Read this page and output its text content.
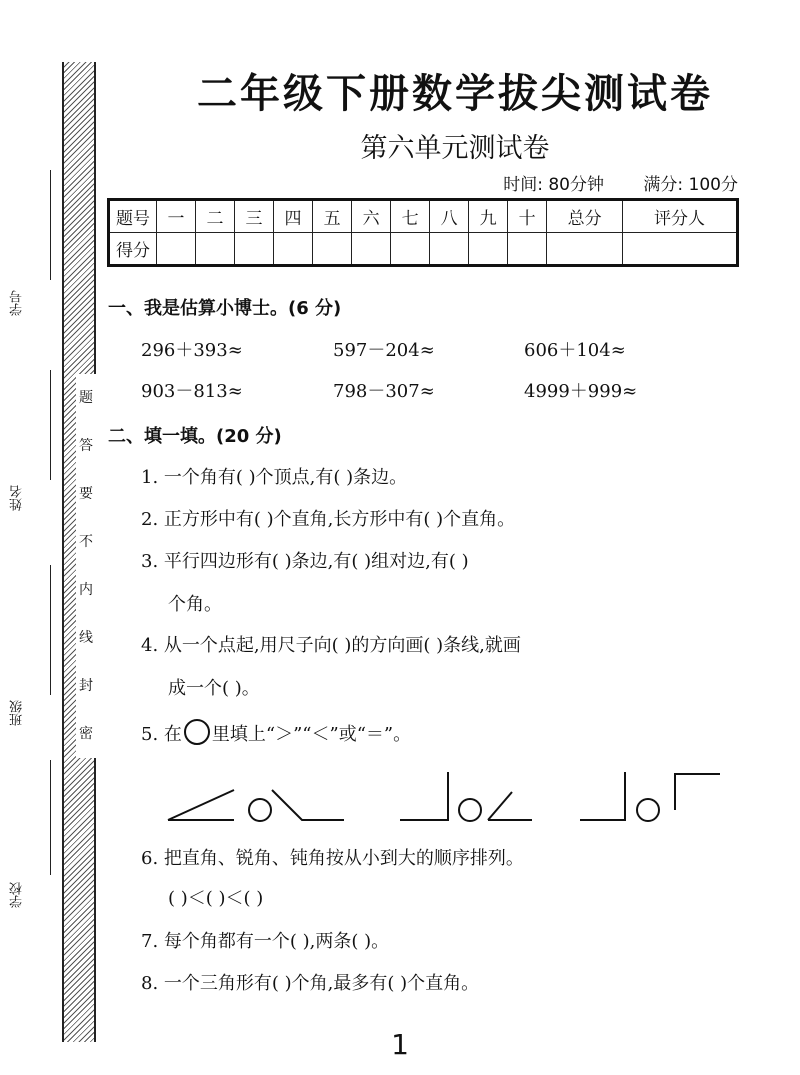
学号
姓名
班级
学校
题
答
要
不
内
线
封
密
二年级下册数学拔尖测试卷
第六单元测试卷
时间: 80分钟 满分: 100分
题号	一	二	三	四	五	六	七	八	九	十	总分	评分人
得分												
一、我是估算小博士。(6 分)
296＋393≈	597－204≈	606＋104≈
903－813≈	798－307≈	4999＋999≈
二、填一填。(20 分)
1. 一个角有( )个顶点,有( )条边。
2. 正方形中有( )个直角,长方形中有( )个直角。
3. 平行四边形有( )条边,有( )组对边,有( )
个角。
4. 从一个点起,用尺子向( )的方向画( )条线,就画
成一个( )。
5. 在 里填上“＞”“＜”或“＝”。
6. 把直角、锐角、钝角按从小到大的顺序排列。
( )＜( )＜( )
7. 每个角都有一个( ),两条( )。
8. 一个三角形有( )个角,最多有( )个直角。
1
